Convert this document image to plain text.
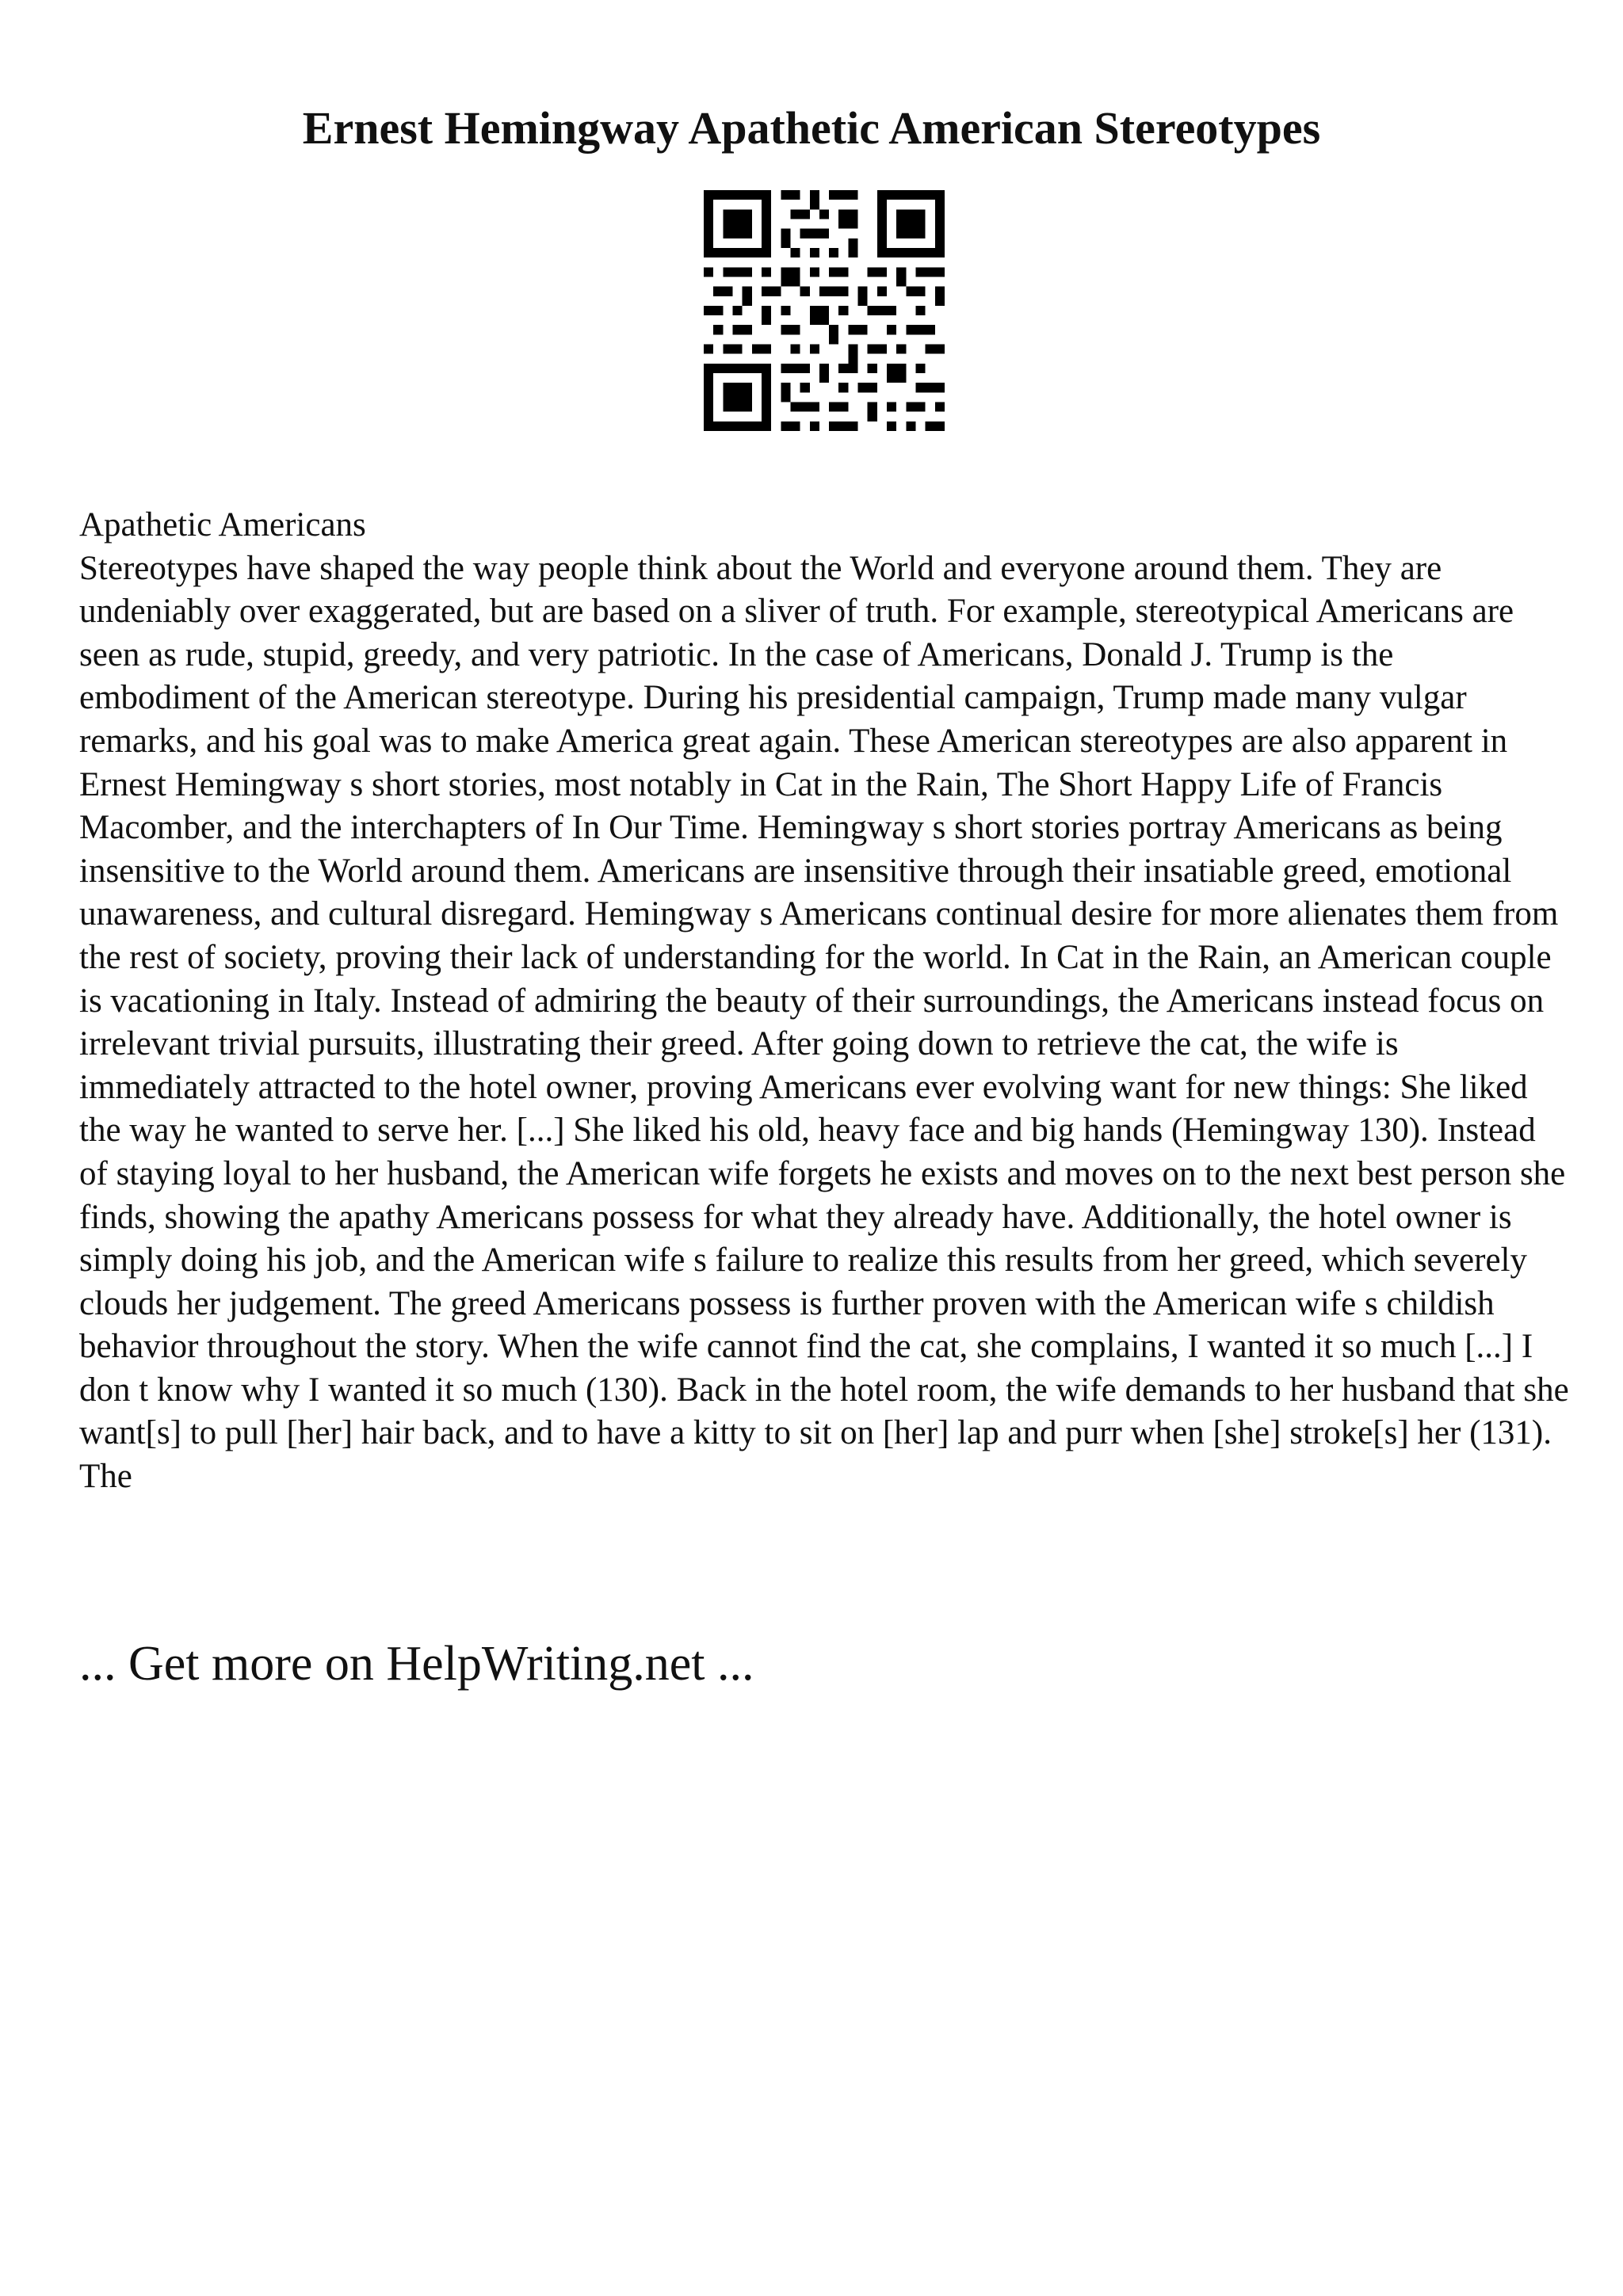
Ernest Hemingway Apathetic American Stereotypes

Apathetic Americans

Stereotypes have shaped the way people think about the World and everyone around them. They are undeniably over exaggerated, but are based on a sliver of truth. For example, stereotypical Americans are seen as rude, stupid, greedy, and very patriotic. In the case of Americans, Donald J. Trump is the embodiment of the American stereotype. During his presidential campaign, Trump made many vulgar remarks, and his goal was to make America great again. These American stereotypes are also apparent in Ernest Hemingway s short stories, most notably in Cat in the Rain, The Short Happy Life of Francis Macomber, and the interchapters of In Our Time. Hemingway s short stories portray Americans as being insensitive to the World around them. Americans are insensitive through their insatiable greed, emotional unawareness, and cultural disregard. Hemingway s Americans continual desire for more alienates them from the rest of society, proving their lack of understanding for the world. In Cat in the Rain, an American couple is vacationing in Italy. Instead of admiring the beauty of their surroundings, the Americans instead focus on irrelevant trivial pursuits, illustrating their greed. After going down to retrieve the cat, the wife is immediately attracted to the hotel owner, proving Americans ever evolving want for new things: She liked the way he wanted to serve her. [...] She liked his old, heavy face and big hands (Hemingway 130). Instead of staying loyal to her husband, the American wife forgets he exists and moves on to the next best person she finds, showing the apathy Americans possess for what they already have. Additionally, the hotel owner is simply doing his job, and the American wife s failure to realize this results from her greed, which severely clouds her judgement. The greed Americans possess is further proven with the American wife s childish behavior throughout the story. When the wife cannot find the cat, she complains, I wanted it so much [...] I don t know why I wanted it so much (130). Back in the hotel room, the wife demands to her husband that she want[s] to pull [her] hair back, and to have a kitty to sit on [her] lap and purr when [she] stroke[s] her (131). The

... Get more on HelpWriting.net ...
